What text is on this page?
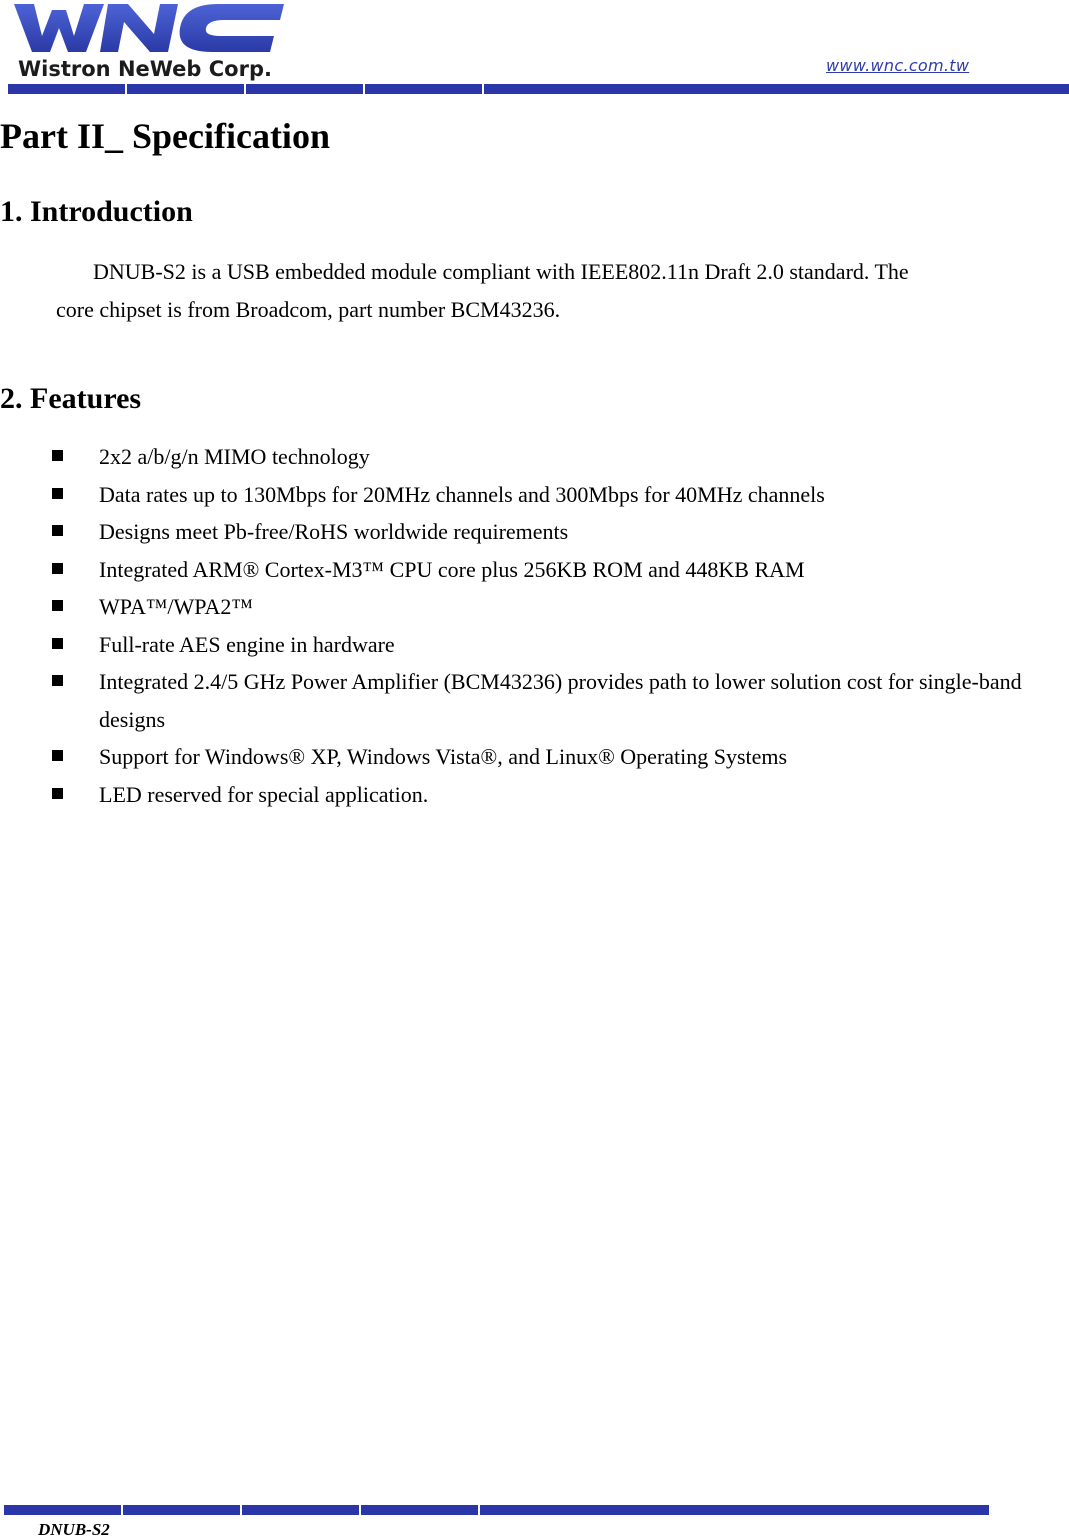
Wistron NeWeb Corp.	www.wnc.com.tw
Part II_ Specification
1. Introduction
DNUB-S2 is a USB embedded module compliant with IEEE802.11n Draft 2.0 standard. The
core chipset is from Broadcom, part number BCM43236.
2. Features
2x2 a/b/g/n MIMO technology
Data rates up to 130Mbps for 20MHz channels and 300Mbps for 40MHz channels
Designs meet Pb-free/RoHS worldwide requirements
Integrated ARM® Cortex-M3™ CPU core plus 256KB ROM and 448KB RAM
WPA™/WPA2™
Full-rate AES engine in hardware
Integrated 2.4/5 GHz Power Amplifier (BCM43236) provides path to lower solution cost for single-band designs
Support for Windows® XP, Windows Vista®, and Linux® Operating Systems
LED reserved for special application.
DNUB-S2
